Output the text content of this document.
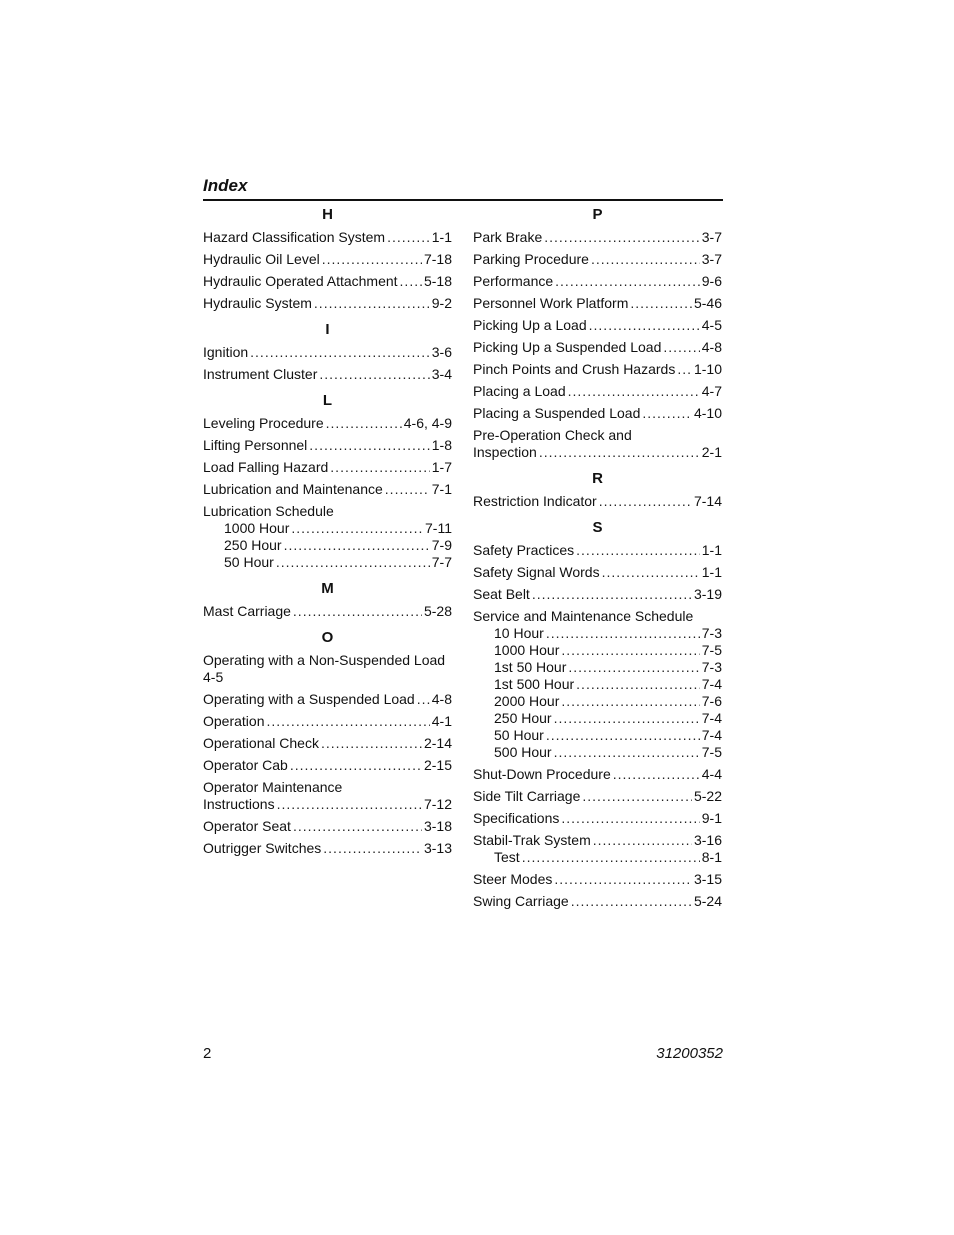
Index
H
Hazard Classification System .....	1-1
Hydraulic Oil Level .....	7-18
Hydraulic Operated Attachment ..... 5-18
Hydraulic System .....	9-2
I
Ignition .....	3-6
Instrument Cluster .....	3-4
L
Leveling Procedure .....	4-6, 4-9
Lifting Personnel .....	1-8
Load Falling Hazard .....	1-7
Lubrication and Maintenance .....	7-1
Lubrication Schedule
1000 Hour .....	7-11
250 Hour .....	7-9
50 Hour .....	7-7
M
Mast Carriage .....	5-28
O
Operating with a Non-Suspended Load
4-5
Operating with a Suspended Load ..... 4-8
Operation .....	4-1
Operational Check .....	2-14
Operator Cab .....	2-15
Operator Maintenance
Instructions .....	7-12
Operator Seat .....	3-18
Outrigger Switches .....	3-13
P
Park Brake .....	3-7
Parking Procedure .....	3-7
Performance .....	9-6
Personnel Work Platform .....	5-46
Picking Up a Load .....	4-5
Picking Up a Suspended Load .....	4-8
Pinch Points and Crush Hazards ..... 1-10
Placing a Load .....	4-7
Placing a Suspended Load .....	4-10
Pre-Operation Check and
Inspection .....	2-1
R
Restriction Indicator .....	7-14
S
Safety Practices .....	1-1
Safety Signal Words .....	1-1
Seat Belt .....	3-19
Service and Maintenance Schedule
10 Hour .....	7-3
1000 Hour .....	7-5
1st 50 Hour .....	7-3
1st 500 Hour .....	7-4
2000 Hour .....	7-6
250 Hour .....	7-4
50 Hour .....	7-4
500 Hour .....	7-5
Shut-Down Procedure .....	4-4
Side Tilt Carriage .....	5-22
Specifications .....	9-1
Stabil-Trak System .....	3-16
Test .....	8-1
Steer Modes .....	3-15
Swing Carriage .....	5-24
2	31200352
